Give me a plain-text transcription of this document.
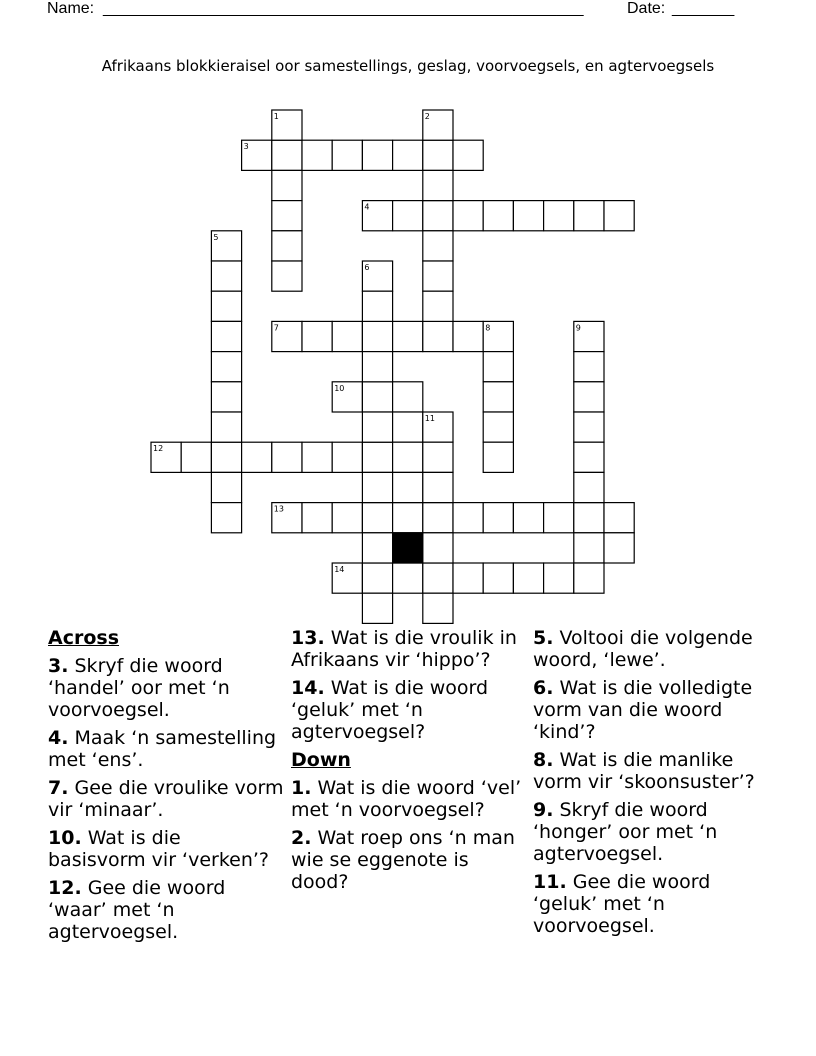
Name: ______________________________________________________	Date: _______
Afrikaans blokkieraisel oor samestellings, geslag, voorvoegsels, en agtervoegsels
1	2
3
4
5
6
7	8	9
10
11
12
13
14
Across
3. Skryf die woord ‘handel’ oor met ‘n voorvoegsel.
4. Maak ‘n samestelling met ‘ens’.
7. Gee die vroulike vorm vir ‘minaar’.
10. Wat is die basisvorm vir ‘verken’?
12. Gee die woord ‘waar’ met ‘n agtervoegsel.
13. Wat is die vroulik in Afrikaans vir ‘hippo’?
14. Wat is die woord ‘geluk’ met ‘n agtervoegsel?
Down
1. Wat is die woord ‘vel’ met ‘n voorvoegsel?
2. Wat roep ons ‘n man wie se eggenote is dood?
5. Voltooi die volgende woord, ‘lewe’.
6. Wat is die volledigte vorm van die woord ‘kind’?
8. Wat is die manlike vorm vir ‘skoonsuster’?
9. Skryf die woord ‘honger’ oor met ‘n agtervoegsel.
11. Gee die woord ‘geluk’ met ‘n voorvoegsel.
